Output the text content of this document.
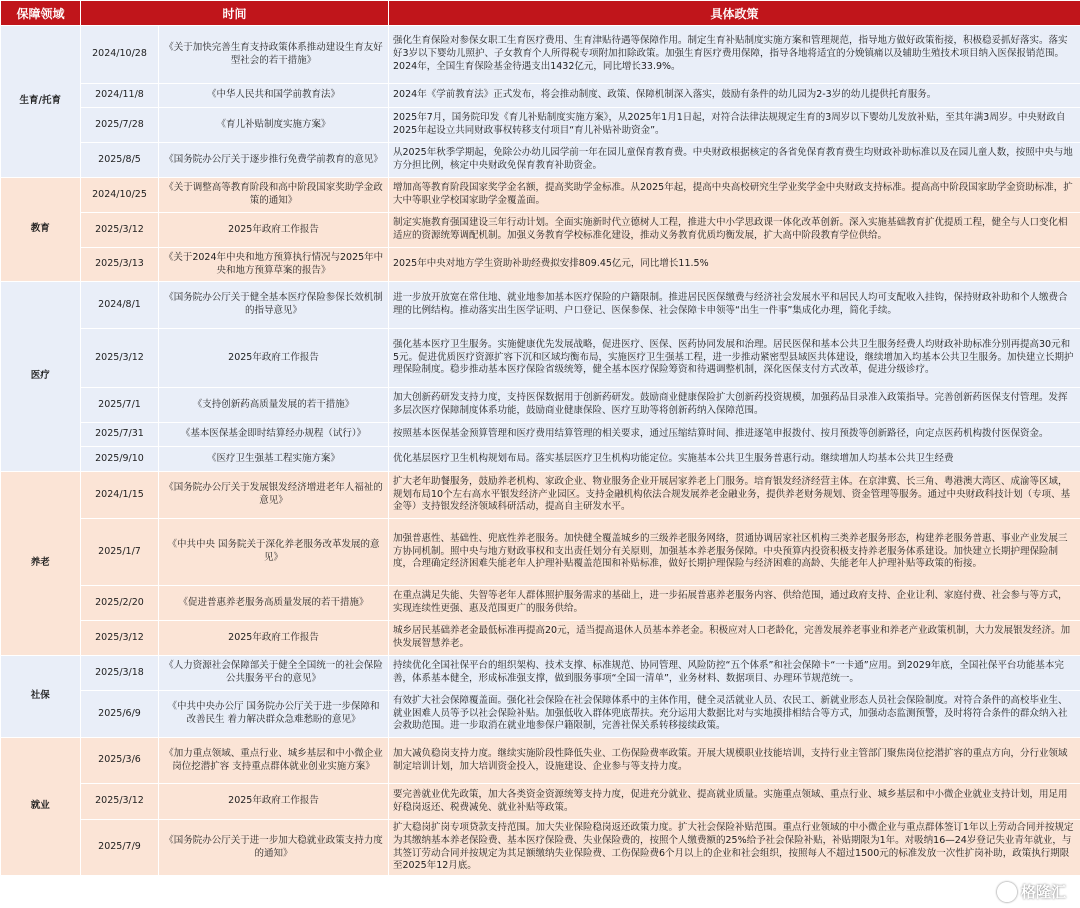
保障领域	时间		具体政策
生育/托育	2024/10/28	《关于加快完善生育支持政策体系推动建设生育友好型社会的若干措施》	强化生育保险对参保女职工生育医疗费用、生育津贴待遇等保障作用。制定生育补贴制度实施方案和管理规范，指导地方做好政策衔接，积极稳妥抓好落实。落实好3岁以下婴幼儿照护、子女教育个人所得税专项附加扣除政策。加强生育医疗费用保障，指导各地将适宜的分娩镇痛以及辅助生殖技术项目纳入医保报销范围。2024年，全国生育保险基金待遇支出1432亿元，同比增长33.9%。
	2024/11/8	《中华人民共和国学前教育法》	2024年《学前教育法》正式发布，将会推动制度、政策、保障机制深入落实，鼓励有条件的幼儿园为2-3岁的幼儿提供托育服务。
	2025/7/28	《育儿补贴制度实施方案》	2025年7月，国务院印发《育儿补贴制度实施方案》，从2025年1月1日起，对符合法律法规规定生育的3周岁以下婴幼儿发放补贴，至其年满3周岁。中央财政自2025年起设立共同财政事权转移支付项目“育儿补贴补助资金”。
	2025/8/5	《国务院办公厅关于逐步推行免费学前教育的意见》	从2025年秋季学期起，免除公办幼儿园学前一年在园儿童保育教育费。中央财政根据核定的各省免保育教育费生均财政补助标准以及在园儿童人数，按照中央与地方分担比例，核定中央财政免保育教育补助资金。
教育	2024/10/25	《关于调整高等教育阶段和高中阶段国家奖助学金政策的通知》	增加高等教育阶段国家奖学金名额，提高奖助学金标准。从2025年起，提高中央高校研究生学业奖学金中央财政支持标准。提高高中阶段国家助学金资助标准，扩大中等职业学校国家助学金覆盖面。
	2025/3/12	2025年政府工作报告	制定实施教育强国建设三年行动计划。全面实施新时代立德树人工程，推进大中小学思政课一体化改革创新。深入实施基础教育扩优提质工程，健全与人口变化相适应的资源统筹调配机制。加强义务教育学校标准化建设，推动义务教育优质均衡发展，扩大高中阶段教育学位供给。
	2025/3/13	《关于2024年中央和地方预算执行情况与2025年中央和地方预算草案的报告》	2025年中央对地方学生资助补助经费拟安排809.45亿元，同比增长11.5%
医疗	2024/8/1	《国务院办公厅关于健全基本医疗保险参保长效机制的指导意见》	进一步放开放宽在常住地、就业地参加基本医疗保险的户籍限制。推进居民医保缴费与经济社会发展水平和居民人均可支配收入挂钩，保持财政补助和个人缴费合理的比例结构。推动落实出生医学证明、户口登记、医保参保、社会保障卡申领等“出生一件事”集成化办理，简化手续。
	2025/3/12	2025年政府工作报告	强化基本医疗卫生服务。实施健康优先发展战略，促进医疗、医保、医药协同发展和治理。居民医保和基本公共卫生服务经费人均财政补助标准分别再提高30元和5元。促进优质医疗资源扩容下沉和区域均衡布局，实施医疗卫生强基工程，进一步推动紧密型县域医共体建设，继续增加入均基本公共卫生服务。加快建立长期护理保险制度。稳步推动基本医疗保险省级统筹，健全基本医疗保险筹资和待遇调整机制，深化医保支付方式改革，促进分级诊疗。
	2025/7/1	《支持创新药高质量发展的若干措施》	加大创新药研发支持力度，支持医保数据用于创新药研发。鼓励商业健康保险扩大创新药投资规模，加强药品目录准入政策指导。完善创新药医保支付管理。发挥多层次医疗保障制度体系功能，鼓励商业健康保险、医疗互助等将创新药纳入保障范围。
	2025/7/31	《基本医保基金即时结算经办规程（试行）》	按照基本医保基金预算管理和医疗费用结算管理的相关要求，通过压缩结算时间、推进逐笔申报拨付、按月预拨等创新路径，向定点医药机构拨付医保资金。
	2025/9/10	《医疗卫生强基工程实施方案》	优化基层医疗卫生机构规划布局。落实基层医疗卫生机构功能定位。实施基本公共卫生服务普惠行动。继续增加人均基本公共卫生经费
养老	2024/1/15	《国务院办公厅关于发展银发经济增进老年人福祉的意见》	扩大老年助餐服务，鼓励养老机构、家政企业、物业服务企业开展居家养老上门服务。培育银发经济经营主体。在京津冀、长三角、粤港澳大湾区、成渝等区域，规划布局10个左右高水平银发经济产业园区。支持金融机构依法合规发展养老金融业务，提供养老财务规划、资金管理等服务。通过中央财政科技计划（专项、基金等）支持银发经济领域科研活动，提高自主研发水平。
	2025/1/7	《中共中央 国务院关于深化养老服务改革发展的意见》	加强普惠性、基础性、兜底性养老服务。加快健全覆盖城乡的三级养老服务网络，贯通协调居家社区机构三类养老服务形态，构建养老服务普惠、事业产业发展三方协同机制。照中央与地方财政事权和支出责任划分有关原则，加强基本养老服务保障。中央预算内投资积极支持养老服务体系建设。加快建立长期护理保险制度，合理确定经济困难失能老年人护理补贴覆盖范围和补贴标准，做好长期护理保险与经济困难的高龄、失能老年人护理补贴等政策的衔接。
	2025/2/20	《促进普惠养老服务高质量发展的若干措施》	在重点满足失能、失智等老年人群体照护服务需求的基础上，进一步拓展普惠养老服务内容、供给范围，通过政府支持、企业让利、家庭付费、社会参与等方式，实现连续性更强、惠及范围更广的服务供给。
	2025/3/12	2025年政府工作报告	城乡居民基础养老金最低标准再提高20元，适当提高退休人员基本养老金。积极应对人口老龄化，完善发展养老事业和养老产业政策机制，大力发展银发经济。加快发展智慧养老。
社保	2025/3/18	《人力资源社会保障部关于健全全国统一的社会保险公共服务平台的意见》	持续优化全国社保平台的组织架构、技术支撑、标准规范、协同管理、风险防控“五个体系”和社会保障卡“一卡通”应用。到2029年底，全国社保平台功能基本完善，体系基本健全，形成标准强支撑，做到服务事项“全国一清单”，业务材料、数据项目、办理环节规范统一。
	2025/6/9	《中共中央办公厅 国务院办公厅关于进一步保障和改善民生 着力解决群众急难愁盼的意见》	有效扩大社会保障覆盖面。强化社会保险在社会保障体系中的主体作用，健全灵活就业人员、农民工、新就业形态人员社会保险制度。对符合条件的高校毕业生、就业困难人员等予以社会保险补贴。加强低收入群体兜底帮扶。充分运用大数据比对与实地摸排相结合等方式，加强动态监测预警，及时将符合条件的群众纳入社会救助范围。进一步取消在就业地参保户籍限制，完善社保关系转移接续政策。
就业	2025/3/6	《加力重点领域、重点行业、城乡基层和中小微企业岗位挖潜扩容 支持重点群体就业创业实施方案》	加大减负稳岗支持力度。继续实施阶段性降低失业、工伤保险费率政策。开展大规模职业技能培训，支持行业主管部门聚焦岗位挖潜扩容的重点方向，分行业领域制定培训计划，加大培训资金投入，设施建设、企业参与等支持力度。
	2025/3/12	2025年政府工作报告	要完善就业优先政策，加大各类资金资源统筹支持力度，促进充分就业、提高就业质量。实施重点领域、重点行业、城乡基层和中小微企业就业支持计划，用足用好稳岗返还、税费减免、就业补贴等政策。
	2025/7/9	《国务院办公厅关于进一步加大稳就业政策支持力度的通知》	扩大稳岗扩岗专项贷款支持范围。加大失业保险稳岗返还政策力度。扩大社会保险补贴范围。重点行业领域的中小微企业与重点群体签订1年以上劳动合同并按规定为其缴纳基本养老保险费、基本医疗保险费、失业保险费的，按照个人缴费额的25%给予社会保险补贴，补贴期限为1年。对吸纳16—24岁登记失业青年就业，与其签订劳动合同并按规定为其足额缴纳失业保险费、工伤保险费6个月以上的企业和社会组织，按照每人不超过1500元的标准发放一次性扩岗补助，政策执行期限至2025年12月底。
格隆汇
